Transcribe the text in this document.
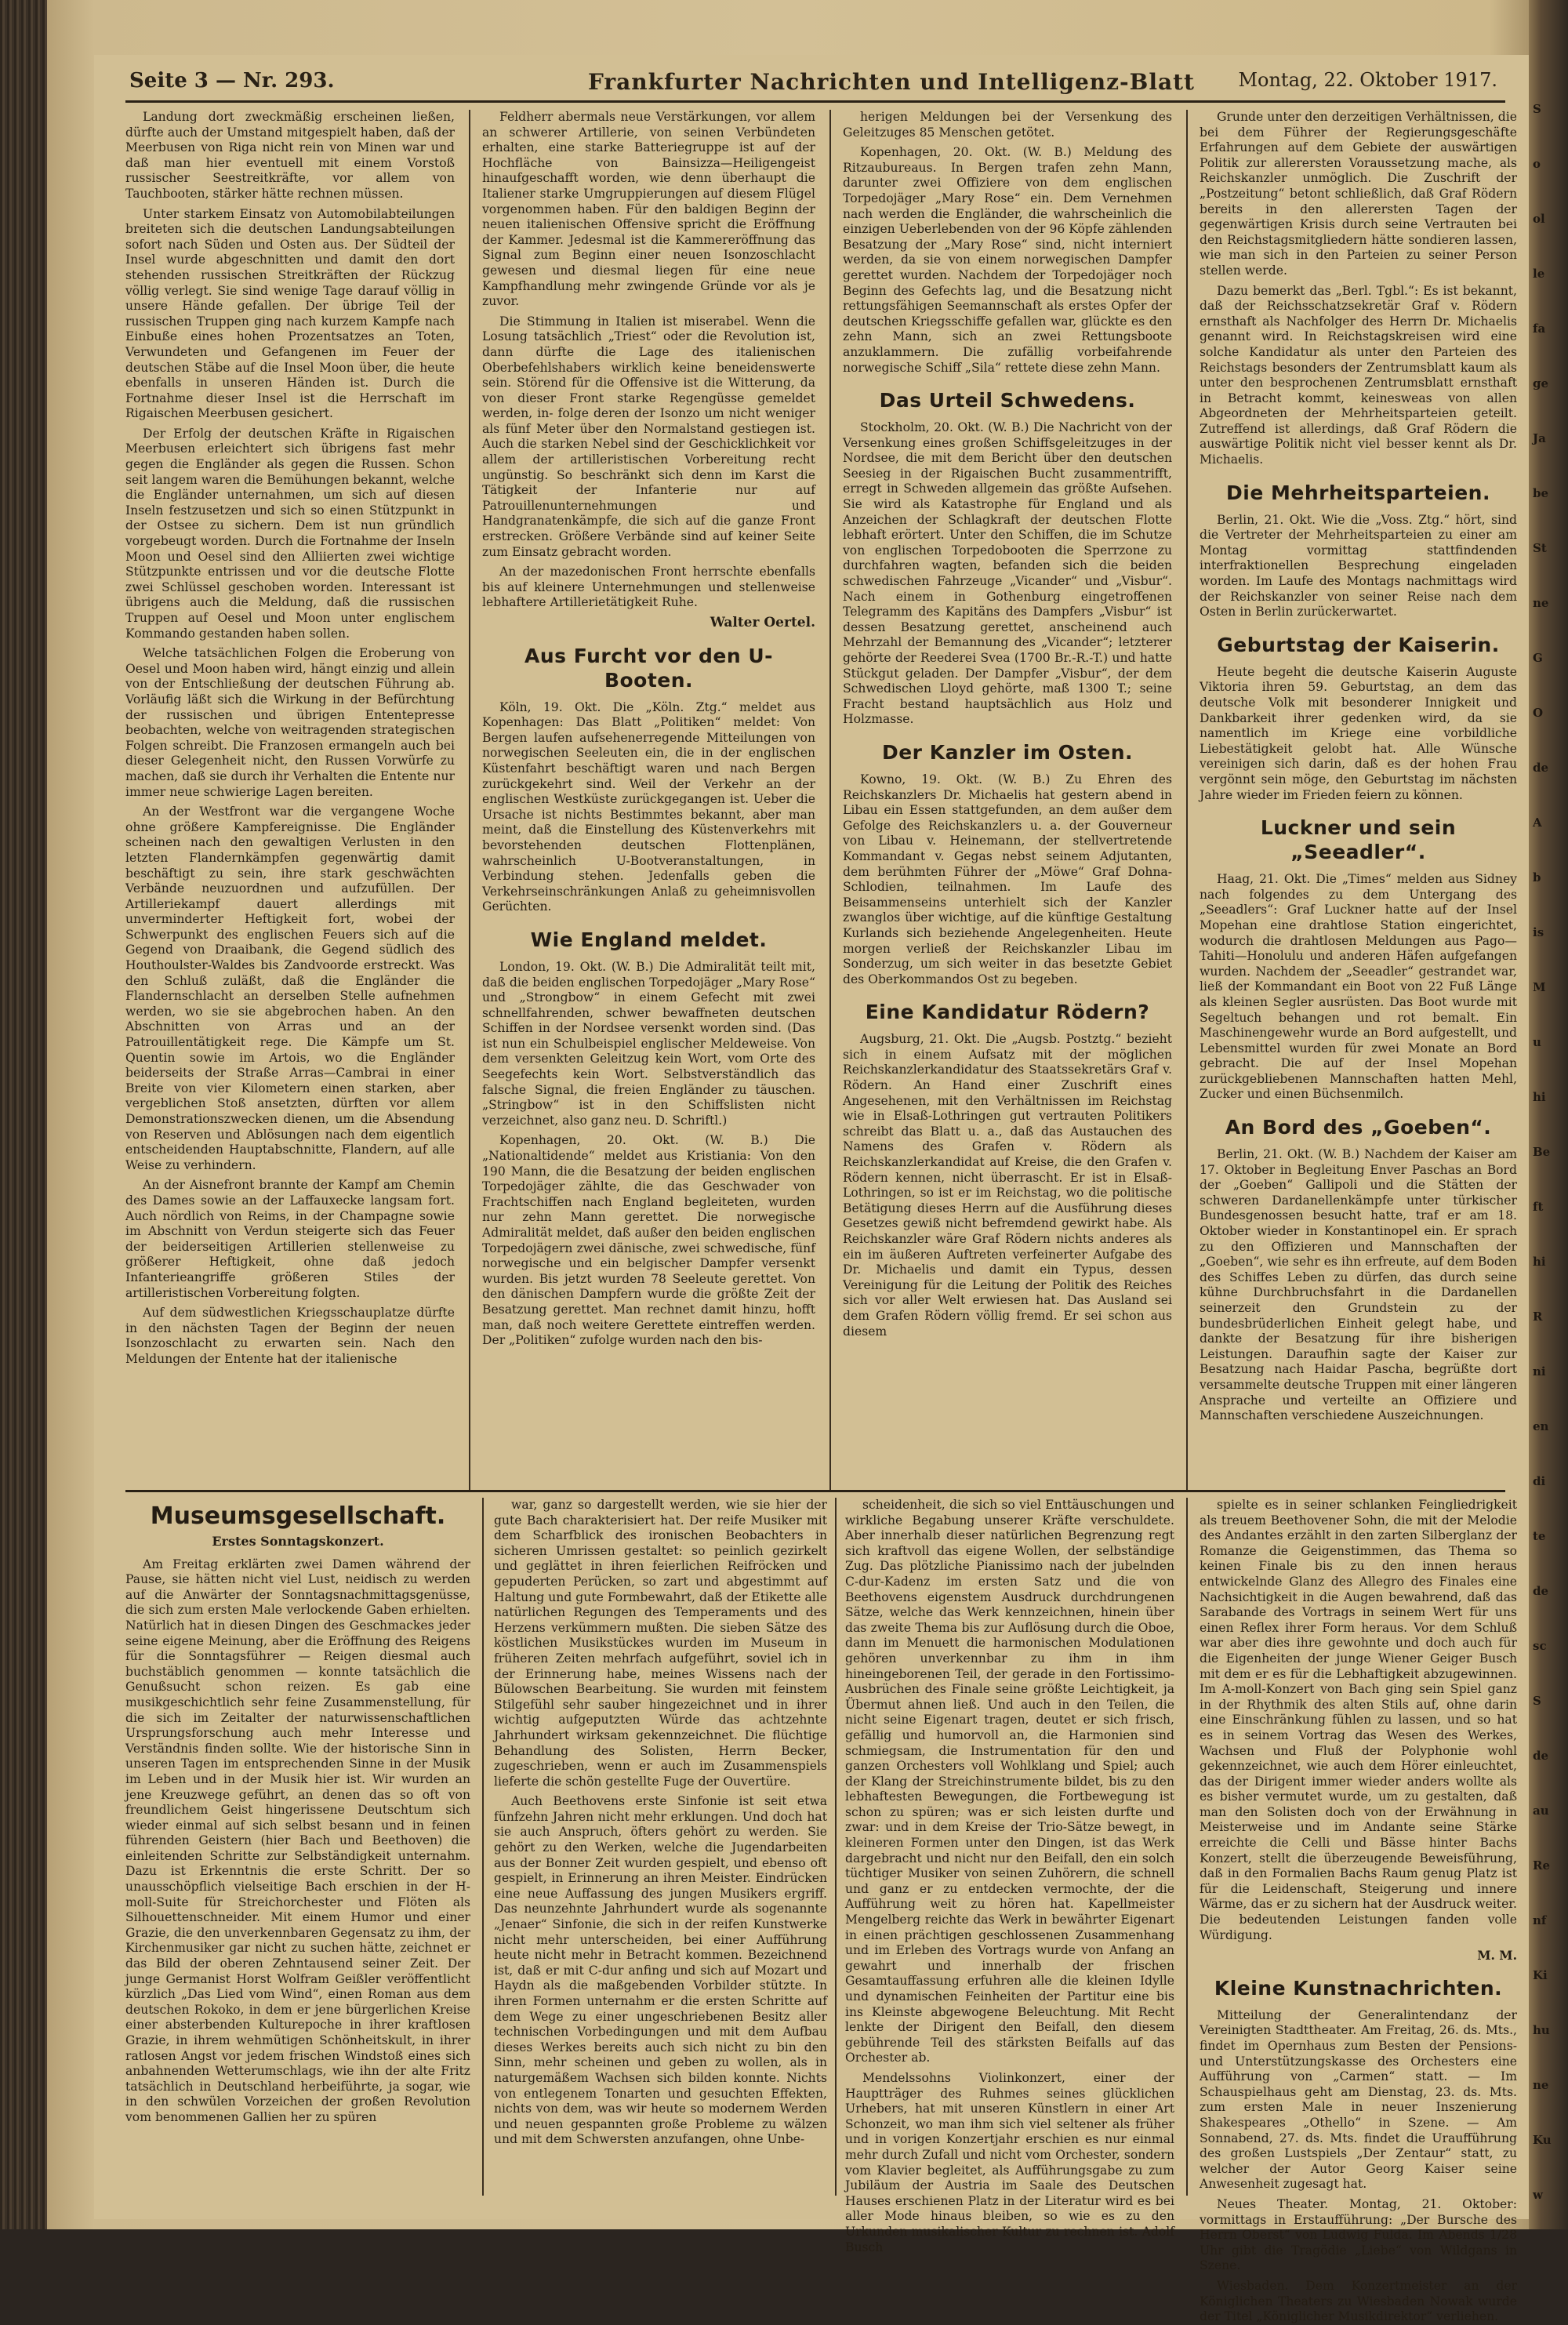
Seite 3 — Nr. 293.	Frankfurter Nachrichten und Intelligenz-Blatt Montag, 22. Oktober 1917.

Landung dort zweckmäßig erscheinen ließen, dürfte auch der Umstand mitgespielt haben, daß der Meerbusen von Riga nicht rein von Minen war und daß man hier eventuell mit einem Vorstoß russischer Seestreitkräfte, vor allem von Tauchbooten, stärker hätte rechnen müssen.

Unter starkem Einsatz von Automobilabteilungen breiteten sich die deutschen Landungsabteilungen sofort nach Süden und Osten aus. Der Südteil der Insel wurde abgeschnitten und damit den dort stehenden russischen Streitkräften der Rückzug völlig verlegt. Sie sind wenige Tage darauf völlig in unsere Hände gefallen. Der übrige Teil der russischen Truppen ging nach kurzem Kampfe nach Einbuße eines hohen Prozentsatzes an Toten, Verwundeten und Gefangenen im Feuer der deutschen Stäbe auf die Insel Moon über, die heute ebenfalls in unseren Händen ist. Durch die Fortnahme dieser Insel ist die Herrschaft im Rigaischen Meerbusen gesichert.

Der Erfolg der deutschen Kräfte in Rigaischen Meerbusen erleichtert sich übrigens fast mehr gegen die Engländer als gegen die Russen. Schon seit langem waren die Bemühungen bekannt, welche die Engländer unternahmen, um sich auf diesen Inseln festzusetzen und sich so einen Stützpunkt in der Ostsee zu sichern. Dem ist nun gründlich vorgebeugt worden. Durch die Fortnahme der Inseln Moon und Oesel sind den Alliierten zwei wichtige Stützpunkte entrissen und vor die deutsche Flotte zwei Schlüssel geschoben worden. Interessant ist übrigens auch die Meldung, daß die russischen Truppen auf Oesel und Moon unter englischem Kommando gestanden haben sollen.

Welche tatsächlichen Folgen die Eroberung von Oesel und Moon haben wird, hängt einzig und allein von der Entschließung der deutschen Führung ab. Vorläufig läßt sich die Wirkung in der Befürchtung der russischen und übrigen Ententepresse beobachten, welche von weitragenden strategischen Folgen schreibt. Die Franzosen ermangeln auch bei dieser Gelegenheit nicht, den Russen Vorwürfe zu machen, daß sie durch ihr Verhalten die Entente nur immer neue schwierige Lagen bereiten.

An der Westfront war die vergangene Woche ohne größere Kampfereignisse. Die Engländer scheinen nach den gewaltigen Verlusten in den letzten Flandernkämpfen gegenwärtig damit beschäftigt zu sein, ihre stark geschwächten Verbände neuzuordnen und aufzufüllen. Der Artilleriekampf dauert allerdings mit unverminderter Heftigkeit fort, wobei der Schwerpunkt des englischen Feuers sich auf die Gegend von Draaibank, die Gegend südlich des Houthoulster-Waldes bis Zandvoorde erstreckt. Was den Schluß zuläßt, daß die Engländer die Flandernschlacht an derselben Stelle aufnehmen werden, wo sie sie abgebrochen haben. An den Abschnitten von Arras und an der Patrouillentätigkeit rege. Die Kämpfe um St. Quentin sowie im Artois, wo die Engländer beiderseits der Straße Arras—Cambrai in einer Breite von vier Kilometern einen starken, aber vergeblichen Stoß ansetzten, dürften vor allem Demonstrationszwecken dienen, um die Absendung von Reserven und Ablösungen nach dem eigentlich entscheidenden Hauptabschnitte, Flandern, auf alle Weise zu verhindern.

An der Aisnefront brannte der Kampf am Chemin des Dames sowie an der Laffauxecke langsam fort. Auch nördlich von Reims, in der Champagne sowie im Abschnitt von Verdun steigerte sich das Feuer der beiderseitigen Artillerien stellenweise zu größerer Heftigkeit, ohne daß jedoch Infanterieangriffe größeren Stiles der artilleristischen Vorbereitung folgten.

Auf dem südwestlichen Kriegsschauplatze dürfte in den nächsten Tagen der Beginn der neuen Isonzoschlacht zu erwarten sein. Nach den Meldungen der Entente hat der italienische

Feldherr abermals neue Verstärkungen, vor allem an schwerer Artillerie, von seinen Verbündeten erhalten, eine starke Batteriegruppe ist auf der Hochfläche von Bainsizza—Heiligengeist hinaufgeschafft worden, wie denn überhaupt die Italiener starke Umgruppierungen auf diesem Flügel vorgenommen haben. Für den baldigen Beginn der neuen italienischen Offensive spricht die Eröffnung der Kammer. Jedesmal ist die Kammereröffnung das Signal zum Beginn einer neuen Isonzoschlacht gewesen und diesmal liegen für eine neue Kampfhandlung mehr zwingende Gründe vor als je zuvor.

Die Stimmung in Italien ist miserabel. Wenn die Losung tatsächlich „Triest“ oder die Revolution ist, dann dürfte die Lage des italienischen Oberbefehlshabers wirklich keine beneidenswerte sein. Störend für die Offensive ist die Witterung, da von dieser Front starke Regengüsse gemeldet werden, in- folge deren der Isonzo um nicht weniger als fünf Meter über den Normalstand gestiegen ist. Auch die starken Nebel sind der Geschicklichkeit vor allem der artilleristischen Vorbereitung recht ungünstig. So beschränkt sich denn im Karst die Tätigkeit der Infanterie nur auf Patrouillenunternehmungen und Handgranatenkämpfe, die sich auf die ganze Front erstrecken. Größere Verbände sind auf keiner Seite zum Einsatz gebracht worden.

An der mazedonischen Front herrschte ebenfalls bis auf kleinere Unternehmungen und stellenweise lebhaftere Artillerietätigkeit Ruhe.

Walter Oertel.
Aus Furcht vor den U-Booten.

Köln, 19. Okt. Die „Köln. Ztg.“ meldet aus Kopenhagen: Das Blatt „Politiken“ meldet: Von Bergen laufen aufsehenerregende Mitteilungen von norwegischen Seeleuten ein, die in der englischen Küstenfahrt beschäftigt waren und nach Bergen zurückgekehrt sind. Weil der Verkehr an der englischen Westküste zurückgegangen ist. Ueber die Ursache ist nichts Bestimmtes bekannt, aber man meint, daß die Einstellung des Küstenverkehrs mit bevorstehenden deutschen Flottenplänen, wahrscheinlich U-Bootveranstaltungen, in Verbindung stehen. Jedenfalls geben die Verkehrseinschränkungen Anlaß zu geheimnisvollen Gerüchten.

Wie England meldet.

London, 19. Okt. (W. B.) Die Admiralität teilt mit, daß die beiden englischen Torpedojäger „Mary Rose“ und „Strongbow“ in einem Gefecht mit zwei schnellfahrenden, schwer bewaffneten deutschen Schiffen in der Nordsee versenkt worden sind. (Das ist nun ein Schulbeispiel englischer Meldeweise. Von dem versenkten Geleitzug kein Wort, vom Orte des Seegefechts kein Wort. Selbstverständlich das falsche Signal, die freien Engländer zu täuschen. „Stringbow“ ist in den Schiffslisten nicht verzeichnet, also ganz neu. D. Schriftl.)

Kopenhagen, 20. Okt. (W. B.) Die „Nationaltidende“ meldet aus Kristiania: Von den 190 Mann, die die Besatzung der beiden englischen Torpedojäger zählte, die das Geschwader von Frachtschiffen nach England begleiteten, wurden nur zehn Mann gerettet. Die norwegische Admiralität meldet, daß außer den beiden englischen Torpedojägern zwei dänische, zwei schwedische, fünf norwegische und ein belgischer Dampfer versenkt wurden. Bis jetzt wurden 78 Seeleute gerettet. Von den dänischen Dampfern wurde die größte Zeit der Besatzung gerettet. Man rechnet damit hinzu, hofft man, daß noch weitere Gerettete eintreffen werden. Der „Politiken“ zufolge wurden nach den bis-

herigen Meldungen bei der Versenkung des Geleitzuges 85 Menschen getötet.

Kopenhagen, 20. Okt. (W. B.) Meldung des Ritzaubureaus. In Bergen trafen zehn Mann, darunter zwei Offiziere von dem englischen Torpedojäger „Mary Rose“ ein. Dem Vernehmen nach werden die Engländer, die wahrscheinlich die einzigen Ueberlebenden von der 96 Köpfe zählenden Besatzung der „Mary Rose“ sind, nicht interniert werden, da sie von einem norwegischen Dampfer gerettet wurden. Nachdem der Torpedojäger noch Beginn des Gefechts lag, und die Besatzung nicht rettungsfähigen Seemannschaft als erstes Opfer der deutschen Kriegsschiffe gefallen war, glückte es den zehn Mann, sich an zwei Rettungsboote anzuklammern. Die zufällig vorbeifahrende norwegische Schiff „Sila“ rettete diese zehn Mann.

Das Urteil Schwedens.

Stockholm, 20. Okt. (W. B.) Die Nachricht von der Versenkung eines großen Schiffsgeleitzuges in der Nordsee, die mit dem Bericht über den deutschen Seesieg in der Rigaischen Bucht zusammentrifft, erregt in Schweden allgemein das größte Aufsehen. Sie wird als Katastrophe für England und als Anzeichen der Schlagkraft der deutschen Flotte lebhaft erörtert. Unter den Schiffen, die im Schutze von englischen Torpedobooten die Sperrzone zu durchfahren wagten, befanden sich die beiden schwedischen Fahrzeuge „Vicander“ und „Visbur“. Nach einem in Gothenburg eingetroffenen Telegramm des Kapitäns des Dampfers „Visbur“ ist dessen Besatzung gerettet, anscheinend auch Mehrzahl der Bemannung des „Vicander“; letzterer gehörte der Reederei Svea (1700 Br.-R.-T.) und hatte Stückgut geladen. Der Dampfer „Visbur“, der dem Schwedischen Lloyd gehörte, maß 1300 T.; seine Fracht bestand hauptsächlich aus Holz und Holzmasse.

Der Kanzler im Osten.

Kowno, 19. Okt. (W. B.) Zu Ehren des Reichskanzlers Dr. Michaelis hat gestern abend in Libau ein Essen stattgefunden, an dem außer dem Gefolge des Reichskanzlers u. a. der Gouverneur von Libau v. Heinemann, der stellvertretende Kommandant v. Gegas nebst seinem Adjutanten, dem berühmten Führer der „Möwe“ Graf Dohna-Schlodien, teilnahmen. Im Laufe des Beisammenseins unterhielt sich der Kanzler zwanglos über wichtige, auf die künftige Gestaltung Kurlands sich beziehende Angelegenheiten. Heute morgen verließ der Reichskanzler Libau im Sonderzug, um sich weiter in das besetzte Gebiet des Oberkommandos Ost zu begeben.

Eine Kandidatur Rödern?

Augsburg, 21. Okt. Die „Augsb. Postztg.“ bezieht sich in einem Aufsatz mit der möglichen Reichskanzlerkandidatur des Staatssekretärs Graf v. Rödern. An Hand einer Zuschrift eines Angesehenen, mit den Verhältnissen im Reichstag wie in Elsaß-Lothringen gut vertrauten Politikers schreibt das Blatt u. a., daß das Austauchen des Namens des Grafen v. Rödern als Reichskanzlerkandidat auf Kreise, die den Grafen v. Rödern kennen, nicht überrascht. Er ist in Elsaß-Lothringen, so ist er im Reichstag, wo die politische Betätigung dieses Herrn auf die Ausführung dieses Gesetzes gewiß nicht befremdend gewirkt habe. Als Reichskanzler wäre Graf Rödern nichts anderes als ein im äußeren Auftreten verfeinerter Aufgabe des Dr. Michaelis und damit ein Typus, dessen Vereinigung für die Leitung der Politik des Reiches sich vor aller Welt erwiesen hat. Das Ausland sei dem Grafen Rödern völlig fremd. Er sei schon aus diesem

Grunde unter den derzeitigen Verhältnissen, die bei dem Führer der Regierungsgeschäfte Erfahrungen auf dem Gebiete der auswärtigen Politik zur allerersten Voraussetzung mache, als Reichskanzler unmöglich. Die Zuschrift der „Postzeitung“ betont schließlich, daß Graf Rödern bereits in den allerersten Tagen der gegenwärtigen Krisis durch seine Vertrauten bei den Reichstagsmitgliedern hätte sondieren lassen, wie man sich in den Parteien zu seiner Person stellen werde.

Dazu bemerkt das „Berl. Tgbl.“: Es ist bekannt, daß der Reichsschatzsekretär Graf v. Rödern ernsthaft als Nachfolger des Herrn Dr. Michaelis genannt wird. In Reichstagskreisen wird eine solche Kandidatur als unter den Parteien des Reichstags besonders der Zentrumsblatt kaum als unter den besprochenen Zentrumsblatt ernsthaft in Betracht kommt, keinesweas von allen Abgeordneten der Mehrheitsparteien geteilt. Zutreffend ist allerdings, daß Graf Rödern die auswärtige Politik nicht viel besser kennt als Dr. Michaelis.

Die Mehrheitsparteien.

Berlin, 21. Okt. Wie die „Voss. Ztg.“ hört, sind die Vertreter der Mehrheitsparteien zu einer am Montag vormittag stattfindenden interfraktionellen Besprechung eingeladen worden. Im Laufe des Montags nachmittags wird der Reichskanzler von seiner Reise nach dem Osten in Berlin zurückerwartet.

Geburtstag der Kaiserin.

Heute begeht die deutsche Kaiserin Auguste Viktoria ihren 59. Geburtstag, an dem das deutsche Volk mit besonderer Innigkeit und Dankbarkeit ihrer gedenken wird, da sie namentlich im Kriege eine vorbildliche Liebestätigkeit gelobt hat. Alle Wünsche vereinigen sich darin, daß es der hohen Frau vergönnt sein möge, den Geburtstag im nächsten Jahre wieder im Frieden feiern zu können.

Luckner und sein „Seeadler“.

Haag, 21. Okt. Die „Times“ melden aus Sidney nach folgendes zu dem Untergang des „Seeadlers“: Graf Luckner hatte auf der Insel Mopehan eine drahtlose Station eingerichtet, wodurch die drahtlosen Meldungen aus Pago—Tahiti—Honolulu und anderen Häfen aufgefangen wurden. Nachdem der „Seeadler“ gestrandet war, ließ der Kommandant ein Boot von 22 Fuß Länge als kleinen Segler ausrüsten. Das Boot wurde mit Segeltuch behangen und rot bemalt. Ein Maschinengewehr wurde an Bord aufgestellt, und Lebensmittel wurden für zwei Monate an Bord gebracht. Die auf der Insel Mopehan zurückgebliebenen Mannschaften hatten Mehl, Zucker und einen Büchsenmilch.

An Bord des „Goeben“.

Berlin, 21. Okt. (W. B.) Nachdem der Kaiser am 17. Oktober in Begleitung Enver Paschas an Bord der „Goeben“ Gallipoli und die Stätten der schweren Dardanellenkämpfe unter türkischer Bundesgenossen besucht hatte, traf er am 18. Oktober wieder in Konstantinopel ein. Er sprach zu den Offizieren und Mannschaften der „Goeben“, wie sehr es ihn erfreute, auf dem Boden des Schiffes Leben zu dürfen, das durch seine kühne Durchbruchsfahrt in die Dardanellen seinerzeit den Grundstein zu der bundesbrüderlichen Einheit gelegt habe, und dankte der Besatzung für ihre bisherigen Leistungen. Daraufhin sagte der Kaiser zur Besatzung nach Haidar Pascha, begrüßte dort versammelte deutsche Truppen mit einer längeren Ansprache und verteilte an Offiziere und Mannschaften verschiedene Auszeichnungen.

Museumsgesellschaft.
Erstes Sonntagskonzert.

Am Freitag erklärten zwei Damen während der Pause, sie hätten nicht viel Lust, neidisch zu werden auf die Anwärter der Sonntagsnachmittagsgenüsse, die sich zum ersten Male verlockende Gaben erhielten. Natürlich hat in diesen Dingen des Geschmackes jeder seine eigene Meinung, aber die Eröffnung des Reigens für die Sonntagsführer — Reigen diesmal auch buchstäblich genommen — konnte tatsächlich die Genußsucht schon reizen. Es gab eine musikgeschichtlich sehr feine Zusammenstellung, für die sich im Zeitalter der naturwissenschaftlichen Ursprungsforschung auch mehr Interesse und Verständnis finden sollte. Wie der historische Sinn in unseren Tagen im entsprechenden Sinne in der Musik im Leben und in der Musik hier ist. Wir wurden an jene Kreuzwege geführt, an denen das so oft von freundlichem Geist hingerissene Deutschtum sich wieder einmal auf sich selbst besann und in feinen führenden Geistern (hier Bach und Beethoven) die einleitenden Schritte zur Selbständigkeit unternahm. Dazu ist Erkenntnis die erste Schritt. Der so unausschöpflich vielseitige Bach erschien in der H-moll-Suite für Streichorchester und Flöten als Silhouettenschneider. Mit einem Humor und einer Grazie, die den unverkennbaren Gegensatz zu ihm, der Kirchenmusiker gar nicht zu suchen hätte, zeichnet er das Bild der oberen Zehntausend seiner Zeit. Der junge Germanist Horst Wolfram Geißler veröffentlicht kürzlich „Das Lied vom Wind“, einen Roman aus dem deutschen Rokoko, in dem er jene bürgerlichen Kreise einer absterbenden Kulturepoche in ihrer kraftlosen Grazie, in ihrem wehmütigen Schönheitskult, in ihrer ratlosen Angst vor jedem frischen Windstoß eines sich anbahnenden Wetterumschlags, wie ihn der alte Fritz tatsächlich in Deutschland herbeiführte, ja sogar, wie in den schwülen Vorzeichen der großen Revolution vom benommenen Gallien her zu spüren

war, ganz so dargestellt werden, wie sie hier der gute Bach charakterisiert hat. Der reife Musiker mit dem Scharfblick des ironischen Beobachters in sicheren Umrissen gestaltet: so peinlich gezirkelt und geglättet in ihren feierlichen Reifröcken und gepuderten Perücken, so zart und abgestimmt auf Haltung und gute Formbewahrt, daß der Etikette alle natürlichen Regungen des Temperaments und des Herzens verkümmern mußten. Die sieben Sätze des köstlichen Musikstückes wurden im Museum in früheren Zeiten mehrfach aufgeführt, soviel ich in der Erinnerung habe, meines Wissens nach der Bülowschen Bearbeitung. Sie wurden mit feinstem Stilgefühl sehr sauber hingezeichnet und in ihrer wichtig aufgeputzten Würde das achtzehnte Jahrhundert wirksam gekennzeichnet. Die flüchtige Behandlung des Solisten, Herrn Becker, zugeschrieben, wenn er auch im Zusammenspiels lieferte die schön gestellte Fuge der Ouvertüre.

Auch Beethovens erste Sinfonie ist seit etwa fünfzehn Jahren nicht mehr erklungen. Und doch hat sie auch Anspruch, öfters gehört zu werden. Sie gehört zu den Werken, welche die Jugendarbeiten aus der Bonner Zeit wurden gespielt, und ebenso oft gespielt, in Erinnerung an ihren Meister. Eindrücken eine neue Auffassung des jungen Musikers ergriff. Das neunzehnte Jahrhundert wurde als sogenannte „Jenaer“ Sinfonie, die sich in der reifen Kunstwerke nicht mehr unterscheiden, bei einer Aufführung heute nicht mehr in Betracht kommen. Bezeichnend ist, daß er mit C-dur anfing und sich auf Mozart und Haydn als die maßgebenden Vorbilder stützte. In ihren Formen unternahm er die ersten Schritte auf dem Wege zu einer ungeschriebenen Besitz aller technischen Vorbedingungen und mit dem Aufbau dieses Werkes bereits auch sich nicht zu bin den Sinn, mehr scheinen und geben zu wollen, als in naturgemäßem Wachsen sich bilden konnte. Nichts von entlegenem Tonarten und gesuchten Effekten, nichts von dem, was wir heute so modernem Werden und neuen gespannten große Probleme zu wälzen und mit dem Schwersten anzufangen, ohne Unbe-

scheidenheit, die sich so viel Enttäuschungen und wirkliche Begabung unserer Kräfte verschuldete. Aber innerhalb dieser natürlichen Begrenzung regt sich kraftvoll das eigene Wollen, der selbständige Zug. Das plötzliche Pianissimo nach der jubelnden C-dur-Kadenz im ersten Satz und die von Beethovens eigenstem Ausdruck durchdrungenen Sätze, welche das Werk kennzeichnen, hinein über das zweite Thema bis zur Auflösung durch die Oboe, dann im Menuett die harmonischen Modulationen gehören unverkennbar zu ihm in ihm hineingeborenen Teil, der gerade in den Fortissimo-Ausbrüchen des Finale seine größte Leichtigkeit, ja Übermut ahnen ließ. Und auch in den Teilen, die nicht seine Eigenart tragen, deutet er sich frisch, gefällig und humorvoll an, die Harmonien sind schmiegsam, die Instrumentation für den und ganzen Orchesters voll Wohlklang und Spiel; auch der Klang der Streichinstrumente bildet, bis zu den lebhaftesten Bewegungen, die Fortbewegung ist schon zu spüren; was er sich leisten durfte und zwar: und in dem Kreise der Trio-Sätze bewegt, in kleineren Formen unter den Dingen, ist das Werk dargebracht und nicht nur den Beifall, den ein solch tüchtiger Musiker von seinen Zuhörern, die schnell und ganz er zu entdecken vermochte, der die Aufführung weit zu hören hat. Kapellmeister Mengelberg reichte das Werk in bewährter Eigenart in einen prächtigen geschlossenen Zusammenhang und im Erleben des Vortrags wurde von Anfang an gewahrt und innerhalb der frischen Gesamtauffassung erfuhren alle die kleinen Idylle und dynamischen Feinheiten der Partitur eine bis ins Kleinste abgewogene Beleuchtung. Mit Recht lenkte der Dirigent den Beifall, den diesem gebührende Teil des stärksten Beifalls auf das Orchester ab.

Mendelssohns Violinkonzert, einer der Hauptträger des Ruhmes seines glücklichen Urhebers, hat mit unseren Künstlern in einer Art Schonzeit, wo man ihm sich viel seltener als früher und in vorigen Konzertjahr erschien es nur einmal mehr durch Zufall und nicht vom Orchester, sondern vom Klavier begleitet, als Aufführungsgabe zu zum Jubiläum der Austria im Saale des Deutschen Hauses erschienen Platz in der Literatur wird es bei aller Mode hinaus bleiben, so wie es zu den Urkunden musikalischer Kultur zu rechnen ist. Adolf Busch

spielte es in seiner schlanken Feingliedrigkeit als treuem Beethovener Sohn, die mit der Melodie des Andantes erzählt in den zarten Silberglanz der Romanze die Geigenstimmen, das Thema so keinen Finale bis zu den innen heraus entwickelnde Glanz des Allegro des Finales eine Nachsichtigkeit in die Augen bewahrend, daß das Sarabande des Vortrags in seinem Wert für uns einen Reflex ihrer Form heraus. Vor dem Schluß war aber dies ihre gewohnte und doch auch für die Eigenheiten der junge Wiener Geiger Busch mit dem er es für die Lebhaftigkeit abzugewinnen. Im A-moll-Konzert von Bach ging sein Spiel ganz in der Rhythmik des alten Stils auf, ohne darin eine Einschränkung fühlen zu lassen, und so hat es in seinem Vortrag das Wesen des Werkes, Wachsen und Fluß der Polyphonie wohl gekennzeichnet, wie auch dem Hörer einleuchtet, das der Dirigent immer wieder anders wollte als es bisher vermutet wurde, um zu gestalten, daß man den Solisten doch von der Erwähnung in Meisterweise und im Andante seine Stärke erreichte die Celli und Bässe hinter Bachs Konzert, stellt die überzeugende Beweisführung, daß in den Formalien Bachs Raum genug Platz ist für die Leidenschaft, Steigerung und innere Wärme, das er zu sichern hat der Ausdruck weiter. Die bedeutenden Leistungen fanden volle Würdigung.

M. M.
Kleine Kunstnachrichten.

Mitteilung der Generalintendanz der Vereinigten Stadttheater. Am Freitag, 26. ds. Mts., findet im Opernhaus zum Besten der Pensions- und Unterstützungskasse des Orchesters eine Aufführung von „Carmen“ statt. — Im Schauspielhaus geht am Dienstag, 23. ds. Mts. zum ersten Male in neuer Inszenierung Shakespeares „Othello“ in Szene. — Am Sonnabend, 27. ds. Mts. findet die Uraufführung des großen Lustspiels „Der Zentaur“ statt, zu welcher der Autor Georg Kaiser seine Anwesenheit zugesagt hat.

Neues Theater. Montag, 21. Oktober: vormittags in Erstaufführung: „Der Bursche des Herrn Oberst“ von Ludwig Fulda. Im Abends 1/28 Uhr gibt die Tragödie „Liebe“ von Wildgans in Szene.

Wiesbaden. Dem Konzertmeister an der Königlichen Theaters zu Wiesbaden Nowak wurde der Titel „Königlicher Musikdirektor“ verliehen.

S
o
ol
le
fa
ge
Ja
be
St
ne
G
O
de
A
b
is
M
u
hi
Be
ft
hi
R
ni
en
di
te
de
sc
S
de
au
Re
nf
Ki
hu
ne
Ku
w
